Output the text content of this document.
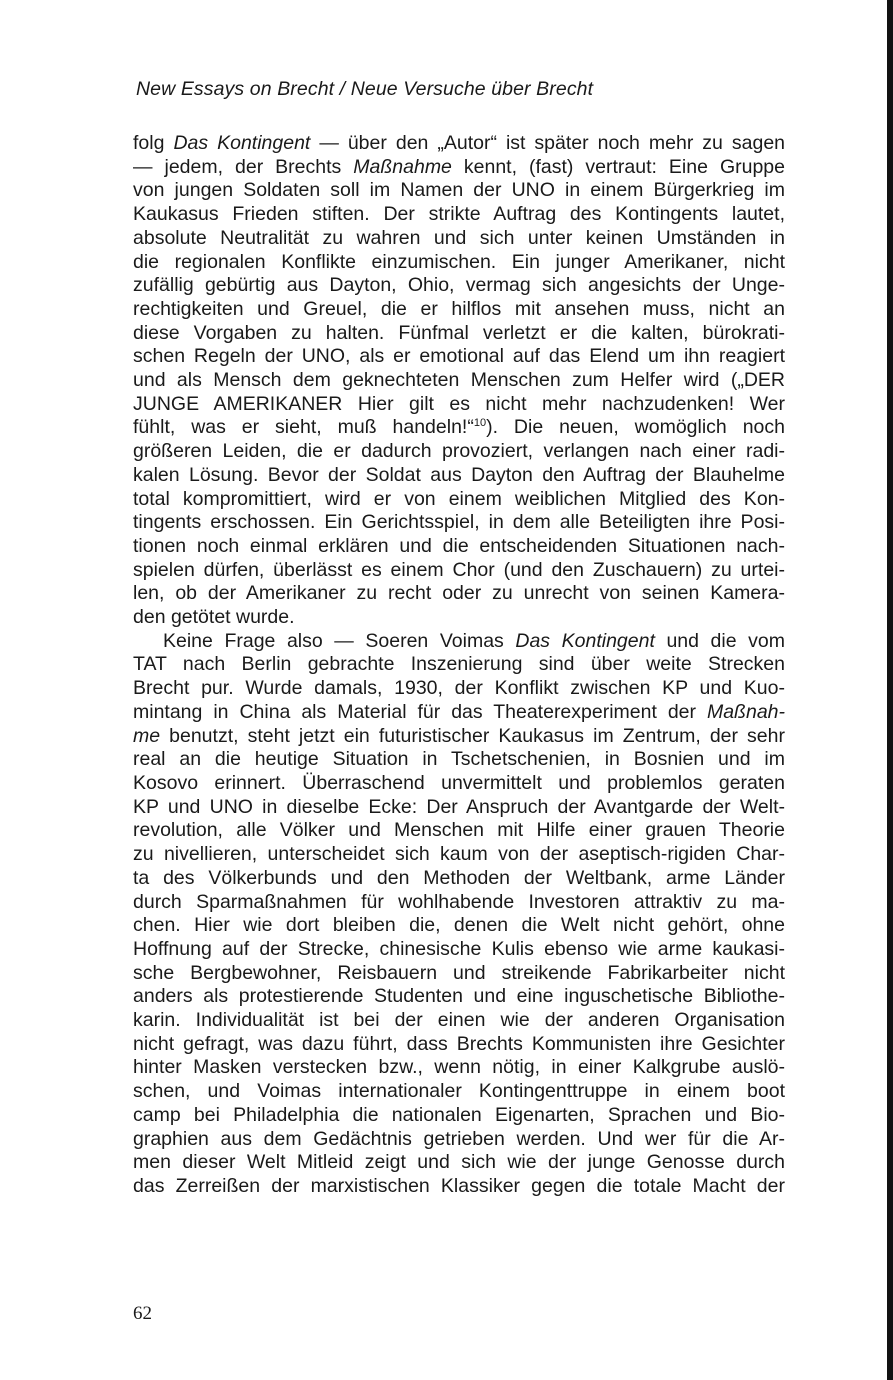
New Essays on Brecht / Neue Versuche über Brecht
folg Das Kontingent — über den „Autor“ ist später noch mehr zu sagen
— jedem, der Brechts Maßnahme kennt, (fast) vertraut: Eine Gruppe
von jungen Soldaten soll im Namen der UNO in einem Bürgerkrieg im
Kaukasus Frieden stiften. Der strikte Auftrag des Kontingents lautet,
absolute Neutralität zu wahren und sich unter keinen Umständen in
die regionalen Konflikte einzumischen. Ein junger Amerikaner, nicht
zufällig gebürtig aus Dayton, Ohio, vermag sich angesichts der Unge-
rechtigkeiten und Greuel, die er hilflos mit ansehen muss, nicht an
diese Vorgaben zu halten. Fünfmal verletzt er die kalten, bürokrati-
schen Regeln der UNO, als er emotional auf das Elend um ihn reagiert
und als Mensch dem geknechteten Menschen zum Helfer wird („DER
JUNGE AMERIKANER Hier gilt es nicht mehr nachzudenken! Wer
fühlt, was er sieht, muß handeln!“$^{10}$). Die neuen, womöglich noch
größeren Leiden, die er dadurch provoziert, verlangen nach einer radi-
kalen Lösung. Bevor der Soldat aus Dayton den Auftrag der Blauhelme
total kompromittiert, wird er von einem weiblichen Mitglied des Kon-
tingents erschossen. Ein Gerichtsspiel, in dem alle Beteiligten ihre Posi-
tionen noch einmal erklären und die entscheidenden Situationen nach-
spielen dürfen, überlässt es einem Chor (und den Zuschauern) zu urtei-
len, ob der Amerikaner zu recht oder zu unrecht von seinen Kamera-
den getötet wurde.
Keine Frage also — Soeren Voimas Das Kontingent und die vom
TAT nach Berlin gebrachte Inszenierung sind über weite Strecken
Brecht pur. Wurde damals, 1930, der Konflikt zwischen KP und Kuo-
mintang in China als Material für das Theaterexperiment der Maßnah-
me benutzt, steht jetzt ein futuristischer Kaukasus im Zentrum, der sehr
real an die heutige Situation in Tschetschenien, in Bosnien und im
Kosovo erinnert. Überraschend unvermittelt und problemlos geraten
KP und UNO in dieselbe Ecke: Der Anspruch der Avantgarde der Welt-
revolution, alle Völker und Menschen mit Hilfe einer grauen Theorie
zu nivellieren, unterscheidet sich kaum von der aseptisch-rigiden Char-
ta des Völkerbunds und den Methoden der Weltbank, arme Länder
durch Sparmaßnahmen für wohlhabende Investoren attraktiv zu ma-
chen. Hier wie dort bleiben die, denen die Welt nicht gehört, ohne
Hoffnung auf der Strecke, chinesische Kulis ebenso wie arme kaukasi-
sche Bergbewohner, Reisbauern und streikende Fabrikarbeiter nicht
anders als protestierende Studenten und eine inguschetische Bibliothe-
karin. Individualität ist bei der einen wie der anderen Organisation
nicht gefragt, was dazu führt, dass Brechts Kommunisten ihre Gesichter
hinter Masken verstecken bzw., wenn nötig, in einer Kalkgrube auslö-
schen, und Voimas internationaler Kontingenttruppe in einem boot
camp bei Philadelphia die nationalen Eigenarten, Sprachen und Bio-
graphien aus dem Gedächtnis getrieben werden. Und wer für die Ar-
men dieser Welt Mitleid zeigt und sich wie der junge Genosse durch
das Zerreißen der marxistischen Klassiker gegen die totale Macht der
62
